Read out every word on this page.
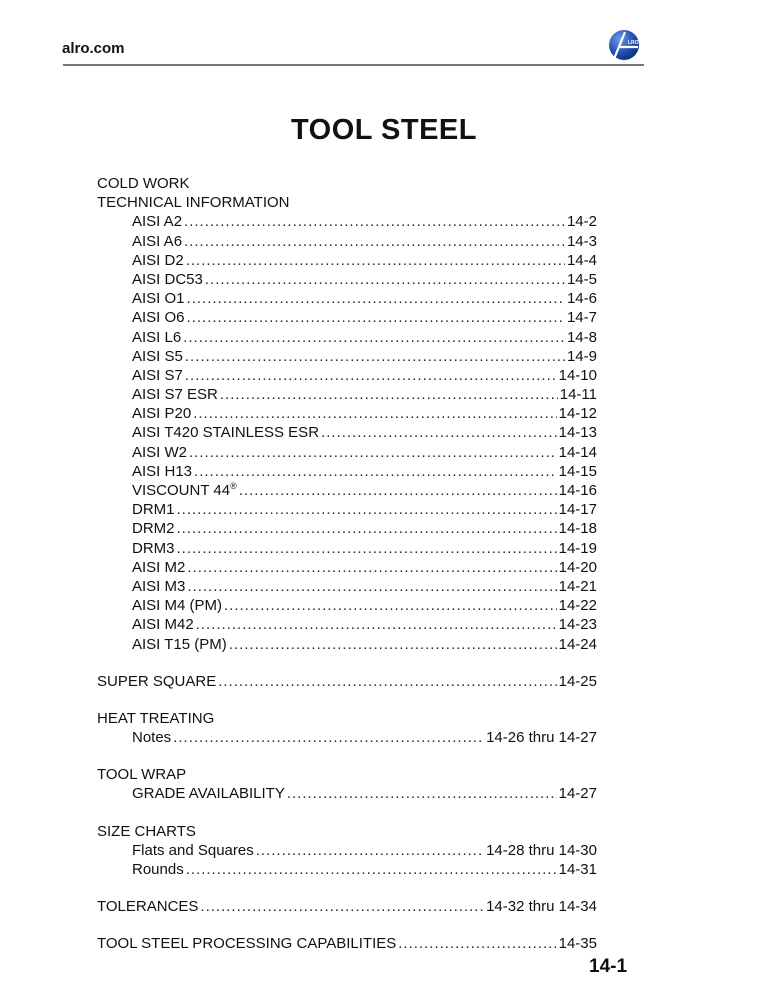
alro.com	LRO
TOOL STEEL
COLD WORK
TECHNICAL INFORMATION
AISI A2 .....	14-2
AISI A6 .....	14-3
AISI D2 .....	14-4
AISI DC53 .....	14-5
AISI O1 .....	14-6
AISI O6 .....	14-7
AISI L6 .....	14-8
AISI S5 .....	14-9
AISI S7 .....	14-10
AISI S7 ESR .....	14-11
AISI P20 .....	14-12
AISI T420 STAINLESS ESR .....	14-13
AISI W2 .....	14-14
AISI H13 .....	14-15
VISCOUNT 44® .....	14-16
DRM1 .....	14-17
DRM2 .....	14-18
DRM3 .....	14-19
AISI M2 .....	14-20
AISI M3 .....	14-21
AISI M4 (PM) .....	14-22
AISI M42 .....	14-23
AISI T15 (PM) .....	14-24
SUPER SQUARE .....	14-25
HEAT TREATING
Notes .....	14-26 thru 14-27
TOOL WRAP
GRADE AVAILABILITY .....	14-27
SIZE CHARTS
Flats and Squares .....	14-28 thru 14-30
Rounds .....	14-31
TOLERANCES .....	14-32 thru 14-34
TOOL STEEL PROCESSING CAPABILITIES .....	14-35
14-1
